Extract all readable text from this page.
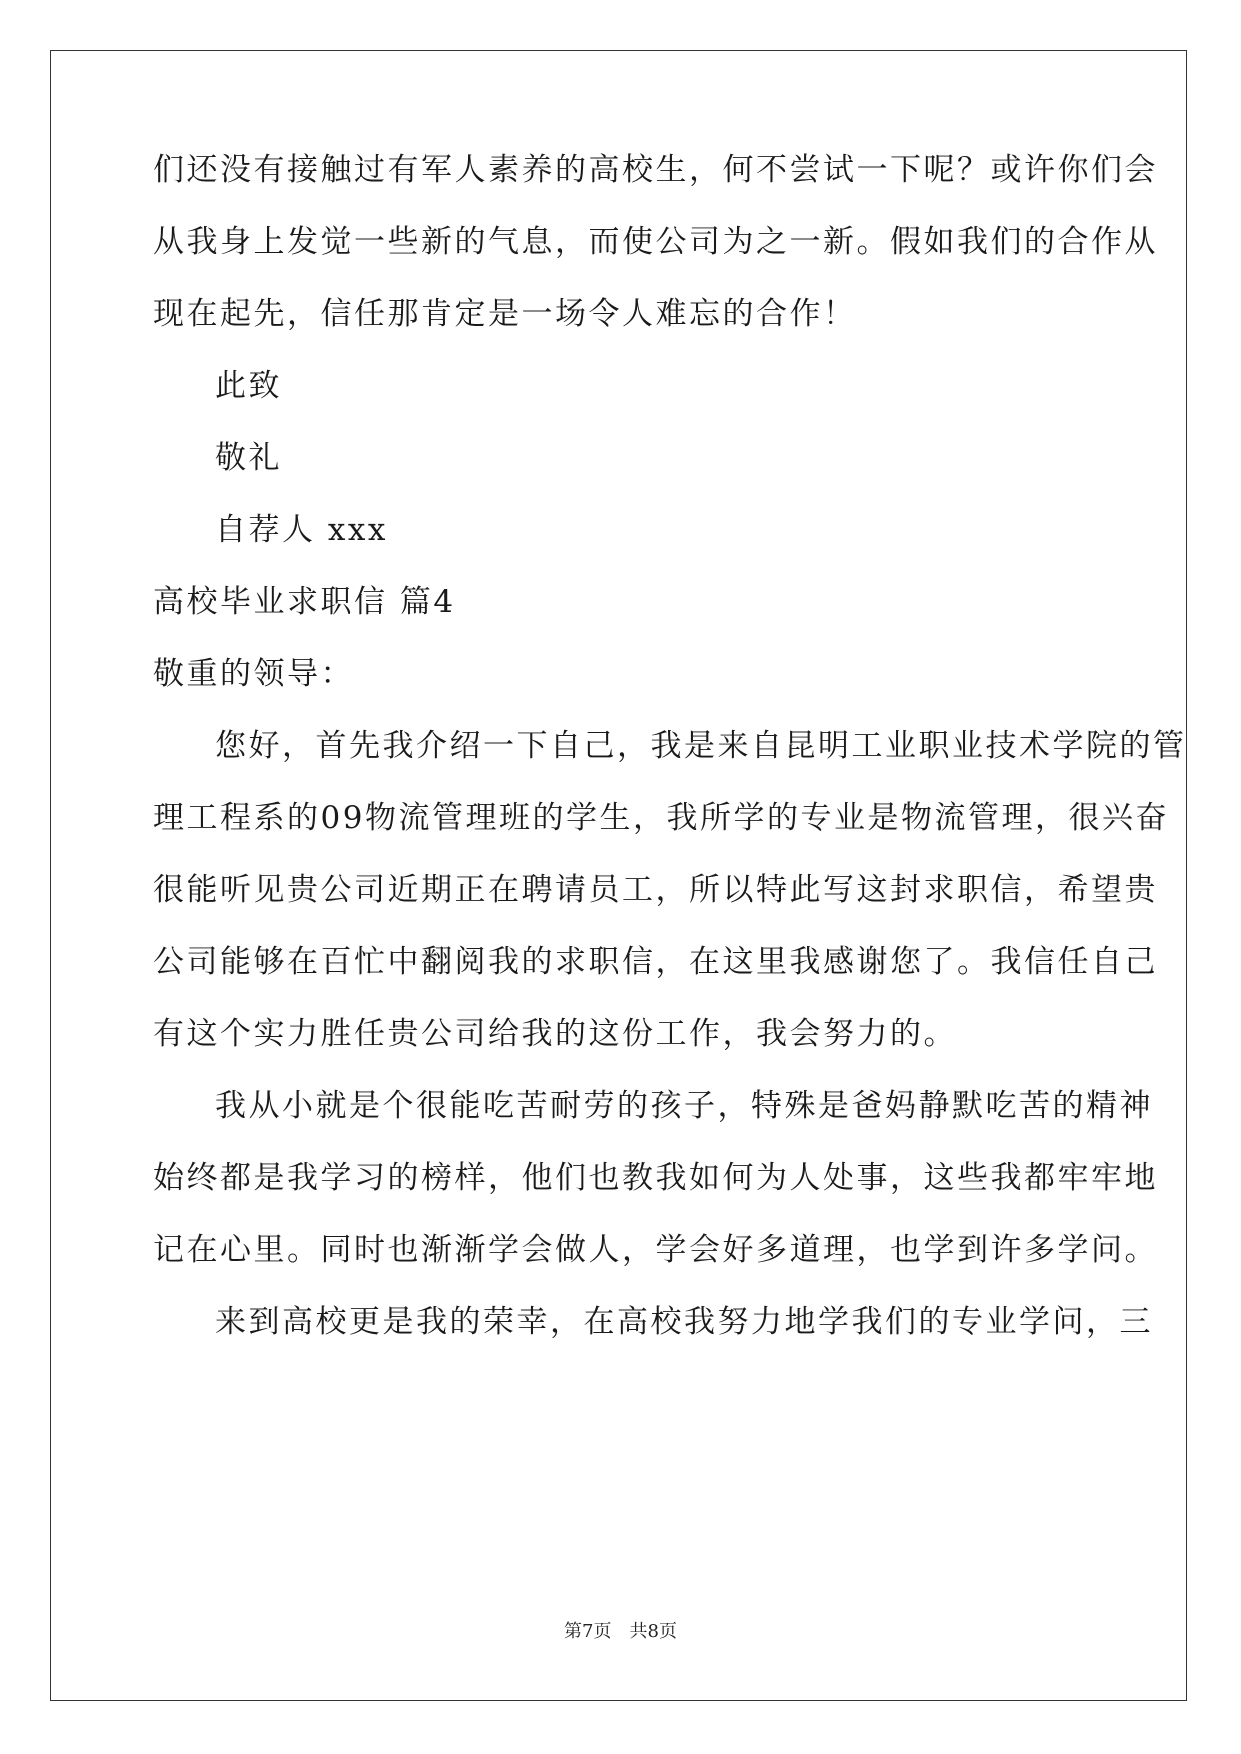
们还没有接触过有军人素养的高校生，何不尝试一下呢？或许你们会
从我身上发觉一些新的气息，而使公司为之一新。假如我们的合作从
现在起先，信任那肯定是一场令人难忘的合作！
此致
敬礼
自荐人 xxx
高校毕业求职信 篇4
敬重的领导：
您好，首先我介绍一下自己，我是来自昆明工业职业技术学院的管
理工程系的09物流管理班的学生，我所学的专业是物流管理，很兴奋
很能听见贵公司近期正在聘请员工，所以特此写这封求职信，希望贵
公司能够在百忙中翻阅我的求职信，在这里我感谢您了。我信任自己
有这个实力胜任贵公司给我的这份工作，我会努力的。
我从小就是个很能吃苦耐劳的孩子，特殊是爸妈静默吃苦的精神
始终都是我学习的榜样，他们也教我如何为人处事，这些我都牢牢地
记在心里。同时也渐渐学会做人，学会好多道理，也学到许多学问。
来到高校更是我的荣幸，在高校我努力地学我们的专业学问，三
第7页　共8页
